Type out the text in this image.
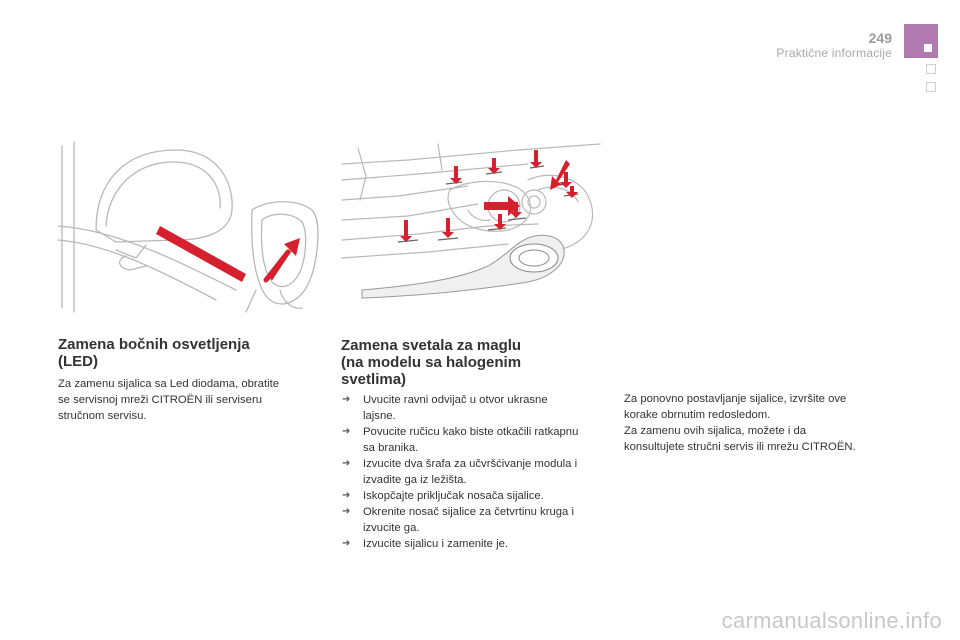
249
Praktične informacije
Zamena bočnih osvetljenja
(LED)

Za zamenu sijalica sa Led diodama, obratite
se servisnoj mreži CITROËN ili serviseru
stručnom servisu.

Zamena svetala za maglu
(na modelu sa halogenim
svetlima)
➔ Uvucite ravni odvijač u otvor ukrasne
lajsne.
➔ Povucite ručicu kako biste otkačili ratkapnu
sa branika.
➔ Izvucite dva šrafa za učvršćivanje modula i
izvadite ga iz ležišta.
➔ Iskopčajte priključak nosača sijalice.
➔ Okrenite nosač sijalice za četvrtinu kruga i
izvucite ga.
➔ Izvucite sijalicu i zamenite je.

Za ponovno postavljanje sijalice, izvršite ove
korake obrnutim redosledom.
Za zamenu ovih sijalica, možete i da
konsultujete stručni servis ili mrežu CITROËN.

carmanualsonline.info
